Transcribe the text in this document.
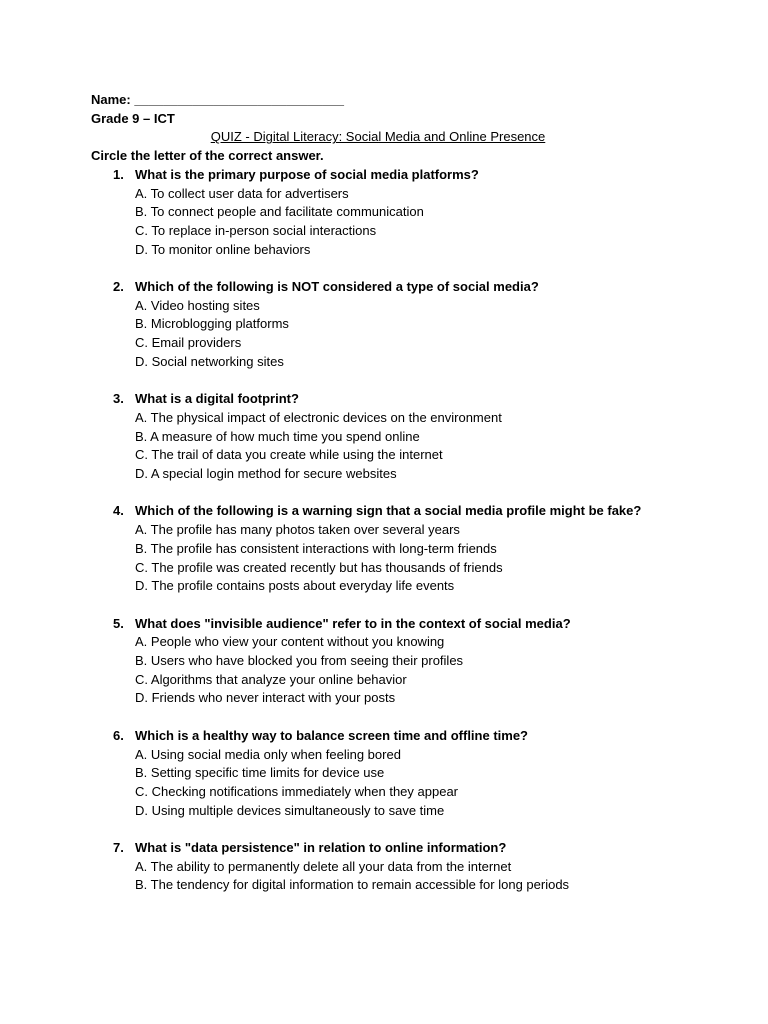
Name: _____________________________
Grade 9 – ICT
QUIZ - Digital Literacy: Social Media and Online Presence
Circle the letter of the correct answer.
1. What is the primary purpose of social media platforms?
A. To collect user data for advertisers
B. To connect people and facilitate communication
C. To replace in-person social interactions
D. To monitor online behaviors
2. Which of the following is NOT considered a type of social media?
A. Video hosting sites
B. Microblogging platforms
C. Email providers
D. Social networking sites
3. What is a digital footprint?
A. The physical impact of electronic devices on the environment
B. A measure of how much time you spend online
C. The trail of data you create while using the internet
D. A special login method for secure websites
4. Which of the following is a warning sign that a social media profile might be fake?
A. The profile has many photos taken over several years
B. The profile has consistent interactions with long-term friends
C. The profile was created recently but has thousands of friends
D. The profile contains posts about everyday life events
5. What does "invisible audience" refer to in the context of social media?
A. People who view your content without you knowing
B. Users who have blocked you from seeing their profiles
C. Algorithms that analyze your online behavior
D. Friends who never interact with your posts
6. Which is a healthy way to balance screen time and offline time?
A. Using social media only when feeling bored
B. Setting specific time limits for device use
C. Checking notifications immediately when they appear
D. Using multiple devices simultaneously to save time
7. What is "data persistence" in relation to online information?
A. The ability to permanently delete all your data from the internet
B. The tendency for digital information to remain accessible for long periods
